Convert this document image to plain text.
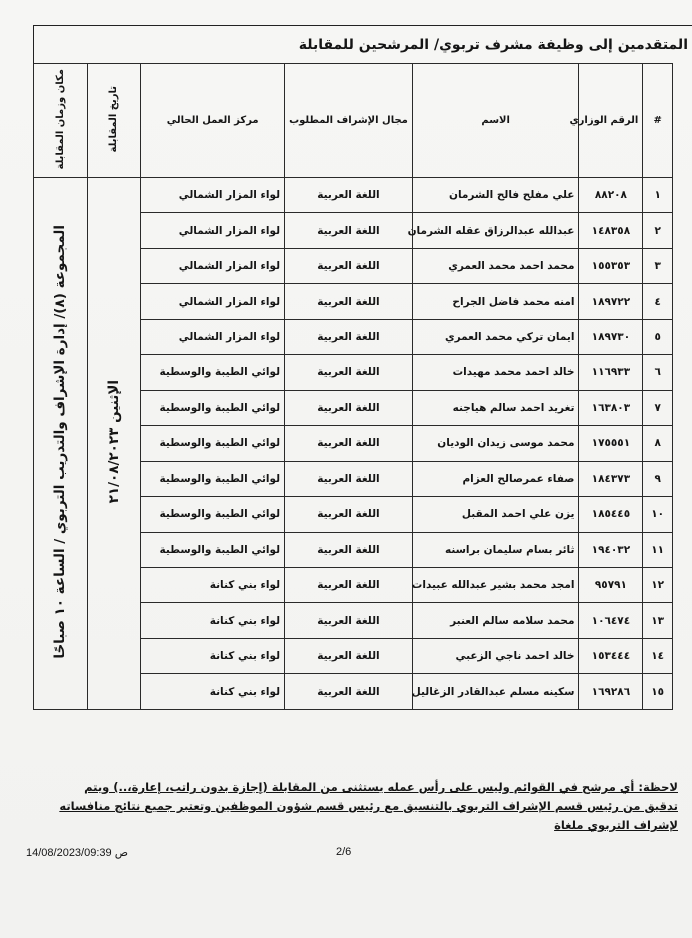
المتقدمين إلى وظيفة مشرف تربوي/ المرشحين للمقابلة
#	الرقم الوزاري	الاسم	مجال الإشراف المطلوب	مركز العمل الحالي	تاريخ المقابلة	مكان وزمان المقابلة
١	٨٨٢٠٨	علي مفلح فالح الشرمان	اللغة العربية	لواء المزار الشمالي	الإثنين ٢١/٠٨/٢٠٢٣	المجموعة (٨)/ إدارة الإشراف والتدريب التربوي / الساعة ١٠ صباحًا
٢	١٤٨٣٥٨	عبدالله عبدالرزاق عقله الشرمان	اللغة العربية	لواء المزار الشمالي		
٣	١٥٥٣٥٣	محمد احمد محمد العمري	اللغة العربية	لواء المزار الشمالي		
٤	١٨٩٧٢٢	امنه محمد فاضل الجراح	اللغة العربية	لواء المزار الشمالي		
٥	١٨٩٧٣٠	ايمان تركي محمد العمري	اللغة العربية	لواء المزار الشمالي		
٦	١١٦٩٣٣	خالد احمد محمد مهيدات	اللغة العربية	لوائي الطيبة والوسطية		
٧	١٦٣٨٠٣	تغريد احمد سالم هياجنه	اللغة العربية	لوائي الطيبة والوسطية		
٨	١٧٥٥٥١	محمد موسى زيدان الوديان	اللغة العربية	لوائي الطيبة والوسطية		
٩	١٨٤٣٧٣	صفاء عمرصالح العزام	اللغة العربية	لوائي الطيبة والوسطية		
١٠	١٨٥٤٤٥	يزن علي احمد المقبل	اللغة العربية	لوائي الطيبة والوسطية		
١١	١٩٤٠٣٢	ثائر بسام سليمان براسنه	اللغة العربية	لوائي الطيبة والوسطية		
١٢	٩٥٧٩١	امجد محمد بشير عبدالله عبيدات	اللغة العربية	لواء بني كنانة		
١٣	١٠٦٤٧٤	محمد سلامه سالم العنبر	اللغة العربية	لواء بني كنانة		
١٤	١٥٣٤٤٤	خالد احمد ناجي الزعبي	اللغة العربية	لواء بني كنانة		
١٥	١٦٩٢٨٦	سكينه مسلم عبدالقادر الزغاليل	اللغة العربية	لواء بني كنانة		
لاحظة: أي مرشح في القوائم وليس على رأس عمله يستثنى من المقابلة (إجازة بدون راتب، إعارة،..) ويتم
تدقيق من رئيس قسم الإشراف التربوي بالتنسيق مع رئيس قسم شؤون الموظفين وتعتبر جميع نتائج منافساته
لإشراف التربوي ملغاة
14/08/2023/09:39 ص	2/6
